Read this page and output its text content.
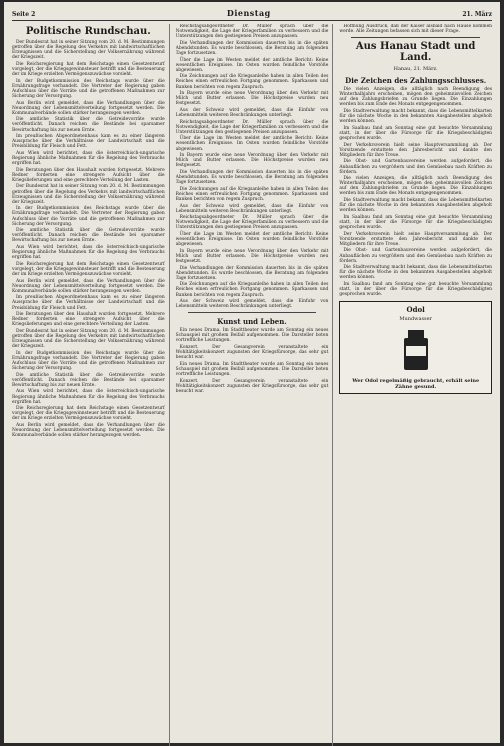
Seite 2	Dienstag	21. März
Politische Rundschau.

Der Bundesrat hat in seiner Sitzung vom 20. d. M. Bestimmungen getroffen über die Regelung des Verkehrs mit landwirtschaftlichen Erzeugnissen und die Sicherstellung der Volksernährung während der Kriegszeit.

Die Reichsregierung hat dem Reichstage einen Gesetzentwurf vorgelegt, der die Kriegsgewinnsteuer betrifft und die Besteuerung der im Kriege erzielten Vermögenszuwächse vorsieht.

In der Budgetkommission des Reichstags wurde über die Ernährungsfrage verhandelt. Die Vertreter der Regierung gaben Aufschluss über die Vorräte und die getroffenen Maßnahmen zur Sicherung der Versorgung.

Aus Berlin wird gemeldet, dass die Verhandlungen über die Neuordnung der Lebensmittelverteilung fortgesetzt werden. Die Kommunalverbände sollen stärker herangezogen werden.

Die amtliche Statistik über die Getreidevorräte wurde veröffentlicht. Danach reichen die Bestände bei sparsamer Bewirtschaftung bis zur neuen Ernte.

Im preußischen Abgeordnetenhaus kam es zu einer längeren Aussprache über die Verhältnisse der Landwirtschaft und die Preisbildung für Fleisch und Fett.

Aus Wien wird berichtet, dass die österreichisch-ungarische Regierung ähnliche Maßnahmen für die Regelung des Verbrauchs ergriffen hat.

Die Beratungen über den Haushalt wurden fortgesetzt. Mehrere Redner forderten eine strengere Aufsicht über die Kriegslieferungen und eine gerechtere Verteilung der Lasten.

Der Bundesrat hat in seiner Sitzung vom 20. d. M. Bestimmungen getroffen über die Regelung des Verkehrs mit landwirtschaftlichen Erzeugnissen und die Sicherstellung der Volksernährung während der Kriegszeit.

In der Budgetkommission des Reichstags wurde über die Ernährungsfrage verhandelt. Die Vertreter der Regierung gaben Aufschluss über die Vorräte und die getroffenen Maßnahmen zur Sicherung der Versorgung.

Die amtliche Statistik über die Getreidevorräte wurde veröffentlicht. Danach reichen die Bestände bei sparsamer Bewirtschaftung bis zur neuen Ernte.

Aus Wien wird berichtet, dass die österreichisch-ungarische Regierung ähnliche Maßnahmen für die Regelung des Verbrauchs ergriffen hat.

Die Reichsregierung hat dem Reichstage einen Gesetzentwurf vorgelegt, der die Kriegsgewinnsteuer betrifft und die Besteuerung der im Kriege erzielten Vermögenszuwächse vorsieht.

Aus Berlin wird gemeldet, dass die Verhandlungen über die Neuordnung der Lebensmittelverteilung fortgesetzt werden. Die Kommunalverbände sollen stärker herangezogen werden.

Im preußischen Abgeordnetenhaus kam es zu einer längeren Aussprache über die Verhältnisse der Landwirtschaft und die Preisbildung für Fleisch und Fett.

Die Beratungen über den Haushalt wurden fortgesetzt. Mehrere Redner forderten eine strengere Aufsicht über die Kriegslieferungen und eine gerechtere Verteilung der Lasten.

Der Bundesrat hat in seiner Sitzung vom 20. d. M. Bestimmungen getroffen über die Regelung des Verkehrs mit landwirtschaftlichen Erzeugnissen und die Sicherstellung der Volksernährung während der Kriegszeit.

In der Budgetkommission des Reichstags wurde über die Ernährungsfrage verhandelt. Die Vertreter der Regierung gaben Aufschluss über die Vorräte und die getroffenen Maßnahmen zur Sicherung der Versorgung.

Die amtliche Statistik über die Getreidevorräte wurde veröffentlicht. Danach reichen die Bestände bei sparsamer Bewirtschaftung bis zur neuen Ernte.

Aus Wien wird berichtet, dass die österreichisch-ungarische Regierung ähnliche Maßnahmen für die Regelung des Verbrauchs ergriffen hat.

Die Reichsregierung hat dem Reichstage einen Gesetzentwurf vorgelegt, der die Kriegsgewinnsteuer betrifft und die Besteuerung der im Kriege erzielten Vermögenszuwächse vorsieht.

Aus Berlin wird gemeldet, dass die Verhandlungen über die Neuordnung der Lebensmittelverteilung fortgesetzt werden. Die Kommunalverbände sollen stärker herangezogen werden.

Reichstagsabgeordneter Dr. Müller sprach über die Notwendigkeit, die Lage der Kriegerfamilien zu verbessern und die Unterstützungen den gestiegenen Preisen anzupassen.

Die Verhandlungen der Kommission dauerten bis in die späten Abendstunden. Es wurde beschlossen, die Beratung am folgenden Tage fortzusetzen.

Über die Lage im Westen meldet der amtliche Bericht: Keine wesentlichen Ereignisse. Im Osten wurden feindliche Vorstöße abgewiesen.

Die Zeichnungen auf die Kriegsanleihe haben in allen Teilen des Reiches einen erfreulichen Fortgang genommen. Sparkassen und Banken berichten von regem Zuspruch.

In Bayern wurde eine neue Verordnung über den Verkehr mit Milch und Butter erlassen. Die Höchstpreise wurden neu festgesetzt.

Aus der Schweiz wird gemeldet, dass die Einfuhr von Lebensmitteln weiteren Beschränkungen unterliegt.

Reichstagsabgeordneter Dr. Müller sprach über die Notwendigkeit, die Lage der Kriegerfamilien zu verbessern und die Unterstützungen den gestiegenen Preisen anzupassen.

Über die Lage im Westen meldet der amtliche Bericht: Keine wesentlichen Ereignisse. Im Osten wurden feindliche Vorstöße abgewiesen.

In Bayern wurde eine neue Verordnung über den Verkehr mit Milch und Butter erlassen. Die Höchstpreise wurden neu festgesetzt.

Die Verhandlungen der Kommission dauerten bis in die späten Abendstunden. Es wurde beschlossen, die Beratung am folgenden Tage fortzusetzen.

Die Zeichnungen auf die Kriegsanleihe haben in allen Teilen des Reiches einen erfreulichen Fortgang genommen. Sparkassen und Banken berichten von regem Zuspruch.

Aus der Schweiz wird gemeldet, dass die Einfuhr von Lebensmitteln weiteren Beschränkungen unterliegt.

Reichstagsabgeordneter Dr. Müller sprach über die Notwendigkeit, die Lage der Kriegerfamilien zu verbessern und die Unterstützungen den gestiegenen Preisen anzupassen.

Über die Lage im Westen meldet der amtliche Bericht: Keine wesentlichen Ereignisse. Im Osten wurden feindliche Vorstöße abgewiesen.

In Bayern wurde eine neue Verordnung über den Verkehr mit Milch und Butter erlassen. Die Höchstpreise wurden neu festgesetzt.

Die Verhandlungen der Kommission dauerten bis in die späten Abendstunden. Es wurde beschlossen, die Beratung am folgenden Tage fortzusetzen.

Die Zeichnungen auf die Kriegsanleihe haben in allen Teilen des Reiches einen erfreulichen Fortgang genommen. Sparkassen und Banken berichten von regem Zuspruch.

Aus der Schweiz wird gemeldet, dass die Einfuhr von Lebensmitteln weiteren Beschränkungen unterliegt.

Kunst und Leben.

Ein neues Drama. Im Stadttheater wurde am Sonntag ein neues Schauspiel mit großem Beifall aufgenommen. Die Darsteller boten vortreffliche Leistungen.

Konzert. Der Gesangverein veranstaltete ein Wohltätigkeitskonzert zugunsten der Kriegsfürsorge, das sehr gut besucht war.

Ein neues Drama. Im Stadttheater wurde am Sonntag ein neues Schauspiel mit großem Beifall aufgenommen. Die Darsteller boten vortreffliche Leistungen.

Konzert. Der Gesangverein veranstaltete ein Wohltätigkeitskonzert zugunsten der Kriegsfürsorge, das sehr gut besucht war.

Hoffnung Ausdruck, daß der Kaiser alsbald nach Hause kommen werde. Alle Zeitungen befassen sich mit dieser Frage.

Aus Hanau Stadt und Land.
Hanau, 21. März.
Die Zeichen des Zahlungsschlusses.

Die vielen Anzeigen, die alltäglich nach Beendigung des Winterhalbjahrs erscheinen, mögen den geheimnisvollen Zeichen auf den Zahlungsbriefen zu Grunde liegen. Die Einzahlungen werden bis zum Ende des Monats entgegengenommen.

Die Stadtverwaltung macht bekannt, dass die Lebensmittelkarten für die nächste Woche in den bekannten Ausgabestellen abgeholt werden können.

Im Saalbau fand am Sonntag eine gut besuchte Versammlung statt, in der über die Fürsorge für die Kriegsbeschädigten gesprochen wurde.

Der Verkehrsverein hielt seine Hauptversammlung ab. Der Vorsitzende erstattete den Jahresbericht und dankte den Mitgliedern für ihre Treue.

Die Obst- und Gartenbauvereine werden aufgefordert, die Anbauflächen zu vergrößern und den Gemüsebau nach Kräften zu fördern.

Die vielen Anzeigen, die alltäglich nach Beendigung des Winterhalbjahrs erscheinen, mögen den geheimnisvollen Zeichen auf den Zahlungsbriefen zu Grunde liegen. Die Einzahlungen werden bis zum Ende des Monats entgegengenommen.

Die Stadtverwaltung macht bekannt, dass die Lebensmittelkarten für die nächste Woche in den bekannten Ausgabestellen abgeholt werden können.

Im Saalbau fand am Sonntag eine gut besuchte Versammlung statt, in der über die Fürsorge für die Kriegsbeschädigten gesprochen wurde.

Der Verkehrsverein hielt seine Hauptversammlung ab. Der Vorsitzende erstattete den Jahresbericht und dankte den Mitgliedern für ihre Treue.

Die Obst- und Gartenbauvereine werden aufgefordert, die Anbauflächen zu vergrößern und den Gemüsebau nach Kräften zu fördern.

Die Stadtverwaltung macht bekannt, dass die Lebensmittelkarten für die nächste Woche in den bekannten Ausgabestellen abgeholt werden können.

Im Saalbau fand am Sonntag eine gut besuchte Versammlung statt, in der über die Fürsorge für die Kriegsbeschädigten gesprochen wurde.

Odol
Mundwasser
Wer Odol regelmäßig gebraucht, erhält seine Zähne gesund.
